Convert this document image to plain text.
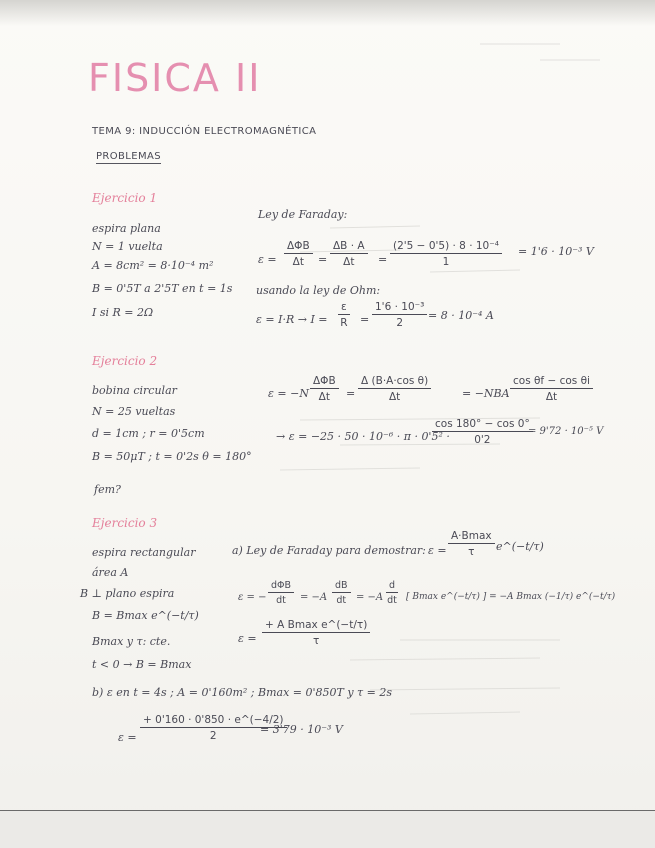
FISICA II
TEMA 9: INDUCCIÓN ELECTROMAGNÉTICA
PROBLEMAS
Ejercicio 1
espira plana
N = 1 vuelta
A = 8cm² = 8·10⁻⁴ m²
B = 0'5T a 2'5T en t = 1s
I si R = 2Ω
Ley de Faraday:
ε =
ΔΦB
Δt	= $\frac{\Delta B \cdot A}{\Delta t} = \frac{\text{(2'5 − 0'5) · 8 · 10⁻⁴}}{1} = 1'6 \cdot 10^{-3}$ V
usando la ley de Ohm:
$\varepsilon = I\cdot R \to I = \frac{\varepsilon}{R} = \frac{\text{1'6 · 10⁻³}}{2} = 8 \cdot 10^{-4}$ A
Ejercicio 2
bobina circular
N = 25 vueltas
d = 1cm ; r = 0'5cm
B = 50μT ; t = 0'2s θ = 180°
fem?
ε = −N
ΔΦB
Δt	= $\frac{\text{Δ (B·A·cos θ)}}{\Delta t}$	= $-NBA \frac{\text{cos θf − cos θi}}{\Delta t}$
→ ε = −25 · 50 · 10⁻⁶ · π · 0'5² ·
$\frac{\cos 180^\circ - \cos 0^\circ}{0'2}$
= 9'72 · 10⁻⁵ V
Ejercicio 3
espira rectangular
área A
B ⊥ plano espira
B = Bmax e^(−t/τ)
Bmax y τ: cte.
t < 0 → B = Bmax
a) Ley de Faraday para demostrar: ε =
A·Bmax
τ	e^(−t/τ)
ε = −
dΦB
dt	= $-A \frac{dB}{dt} = -A \frac{d}{dt}$ [ Bmax e^(−t/τ) ] = −A Bmax (−1/τ) e^(−t/τ)
ε =
+ A Bmax e^(−t/τ)
τ
b) ε en t = 4s ; A = 0'160m² ; Bmax = 0'850T y τ = 2s
$\varepsilon = \frac{+ 0'160 \cdot 0'850 \cdot e\^{}(-4/2)}{2}$
= 3'79 · 10⁻³ V
